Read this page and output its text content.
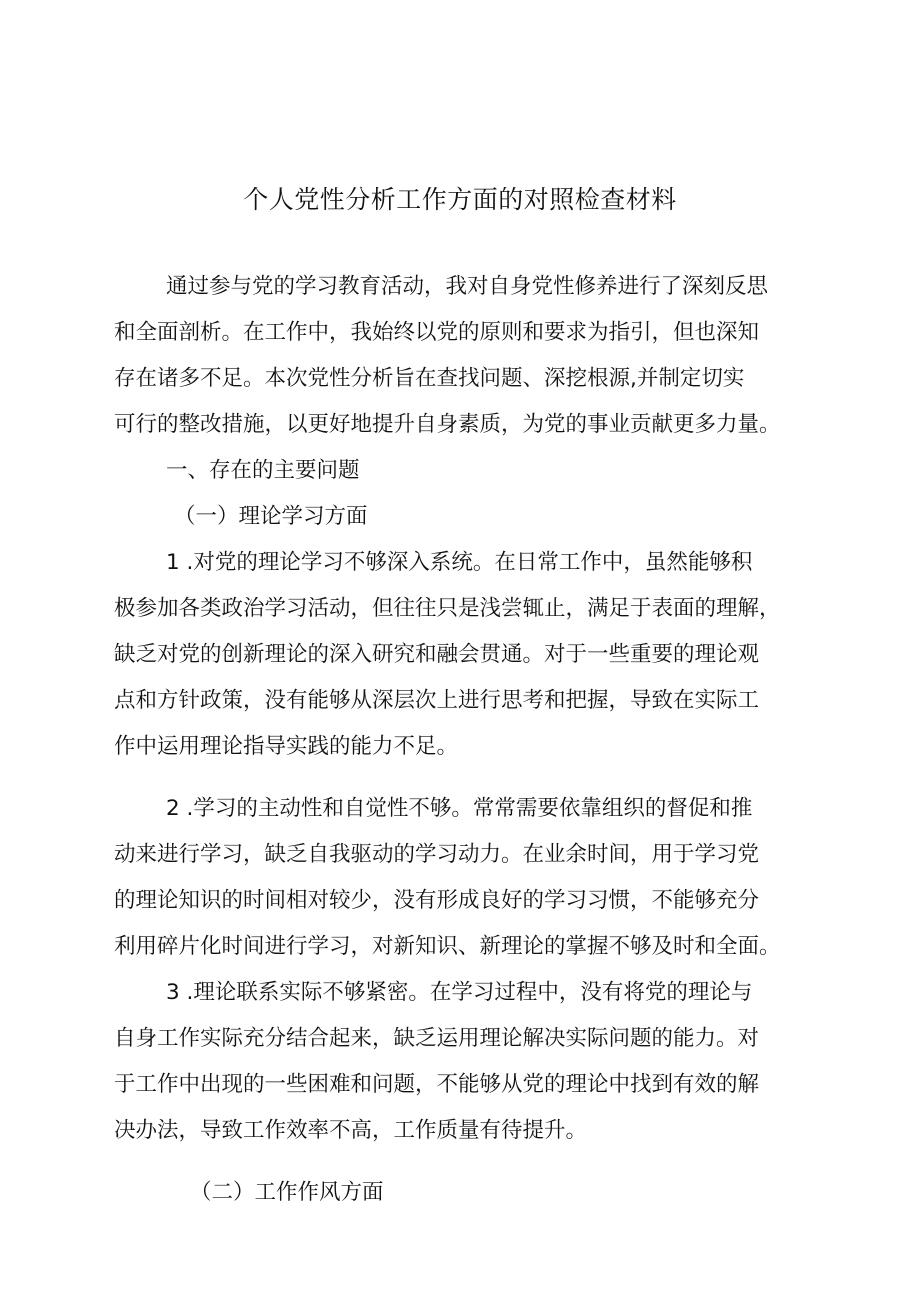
个人党性分析工作方面的对照检查材料
通过参与党的学习教育活动，我对自身党性修养进行了深刻反思
和全面剖析。在工作中，我始终以党的原则和要求为指引，但也深知
存在诸多不足。本次党性分析旨在查找问题、深挖根源,并制定切实
可行的整改措施，以更好地提升自身素质，为党的事业贡献更多力量。
一、存在的主要问题
（一）理论学习方面
1 .对党的理论学习不够深入系统。在日常工作中，虽然能够积
极参加各类政治学习活动，但往往只是浅尝辄止，满足于表面的理解，
缺乏对党的创新理论的深入研究和融会贯通。对于一些重要的理论观
点和方针政策，没有能够从深层次上进行思考和把握，导致在实际工
作中运用理论指导实践的能力不足。
2 .学习的主动性和自觉性不够。常常需要依靠组织的督促和推
动来进行学习，缺乏自我驱动的学习动力。在业余时间，用于学习党
的理论知识的时间相对较少，没有形成良好的学习习惯，不能够充分
利用碎片化时间进行学习，对新知识、新理论的掌握不够及时和全面。
3 .理论联系实际不够紧密。在学习过程中，没有将党的理论与
自身工作实际充分结合起来，缺乏运用理论解决实际问题的能力。对
于工作中出现的一些困难和问题，不能够从党的理论中找到有效的解
决办法，导致工作效率不高，工作质量有待提升。
（二）工作作风方面
